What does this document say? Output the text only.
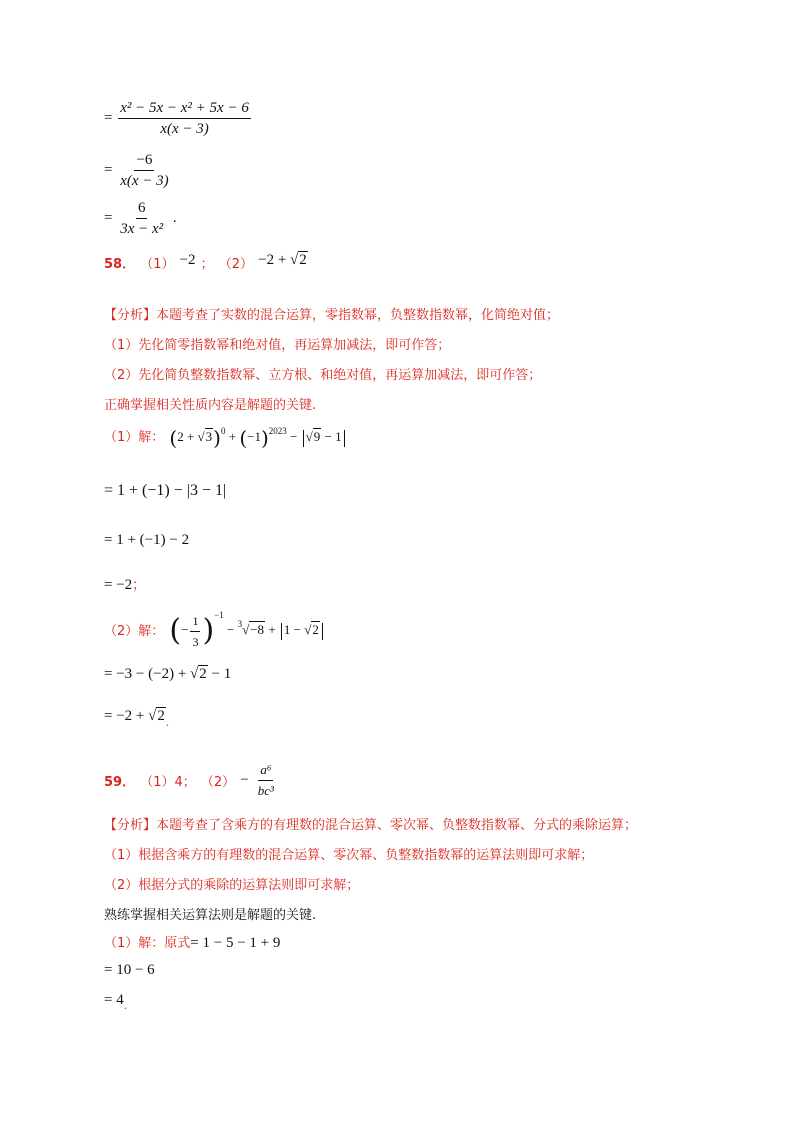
= $\frac{\text{x² − 5x − x² + 5x − 6}}{x(x - 3)}$
= $\frac{-6}{x(x - 3)}$
= $\frac{6}{\text{3x − x²}}$ .
58． （1） −2 ； （2） −2 + √2
【分析】本题考查了实数的混合运算，零指数幂，负整数指数幂，化简绝对值；
（1）先化简零指数幂和绝对值，再运算加减法，即可作答；
（2）先化简负整数指数幂、立方根、和绝对值，再运算加减法，即可作答；
正确掌握相关性质内容是解题的关键.
（1）解： $(2 + √3)^0 + (-1)^{2023} - √9 - 1$
= 1 + (−1) − |3 − 1|
= 1 + (−1) − 2
= −2；
（2）解： (− $\frac{1}{3} )^{-1} - ^3√-8 + 1 - √2$
= −3 − (−2) + √2 − 1
= −2 + √2.
59． （1）4； $(2) - \frac{\text{a⁶}}{\text{bc³}}$
【分析】本题考查了含乘方的有理数的混合运算、零次幂、负整数指数幂、分式的乘除运算；
（1）根据含乘方的有理数的混合运算、零次幂、负整数指数幂的运算法则即可求解；
（2）根据分式的乘除的运算法则即可求解；
熟练掌握相关运算法则是解题的关键.
（1）解：原式= 1 − 5 − 1 + 9
= 10 − 6
= 4.
